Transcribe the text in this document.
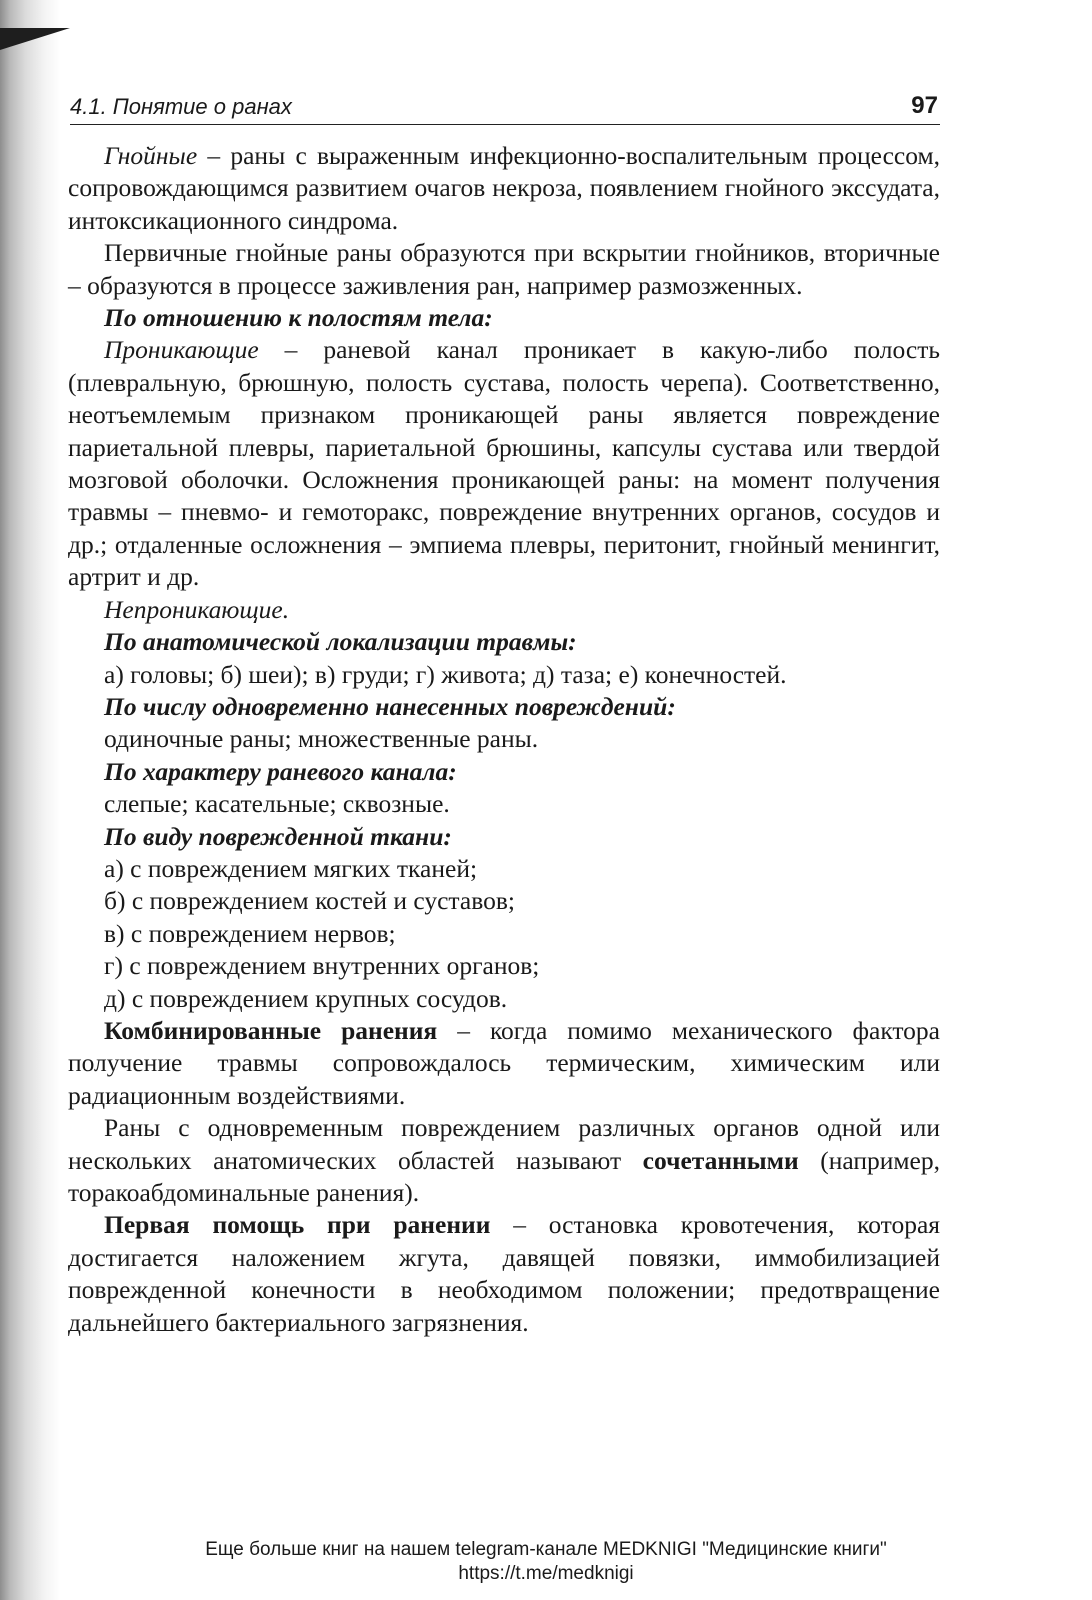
4.1. Понятие о ранах	97

Гнойные – раны с выраженным инфекционно-воспалительным процессом, сопровождающимся развитием очагов некроза, появлением гнойного экссудата, интоксикационного синдрома.

Первичные гнойные раны образуются при вскрытии гнойников, вторичные – образуются в процессе заживления ран, например размозженных.

По отношению к полостям тела:

Проникающие – раневой канал проникает в какую-либо полость (плевральную, брюшную, полость сустава, полость черепа). Соответственно, неотъемлемым признаком проникающей раны является повреждение париетальной плевры, париетальной брюшины, капсулы сустава или твердой мозговой оболочки. Осложнения проникающей раны: на момент получения травмы – пневмо- и гемоторакс, повреждение внутренних органов, сосудов и др.; отдаленные осложнения – эмпиема плевры, перитонит, гнойный менингит, артрит и др.

Непроникающие.

По анатомической локализации травмы:

а) головы; б) шеи); в) груди; г) живота; д) таза; е) конечностей.

По числу одновременно нанесенных повреждений:

одиночные раны; множественные раны.

По характеру раневого канала:

слепые; касательные; сквозные.

По виду поврежденной ткани:

а) с повреждением мягких тканей;

б) с повреждением костей и суставов;

в) с повреждением нервов;

г) с повреждением внутренних органов;

д) с повреждением крупных сосудов.

Комбинированные ранения – когда помимо механического фактора получение травмы сопровождалось термическим, химическим или радиационным воздействиями.

Раны с одновременным повреждением различных органов одной или нескольких анатомических областей называют сочетанными (например, торакоабдоминальные ранения).

Первая помощь при ранении – остановка кровотечения, которая достигается наложением жгута, давящей повязки, иммобилизацией поврежденной конечности в необходимом положении; предотвращение дальнейшего бактериального загрязнения.

Еще больше книг на нашем telegram-канале MEDKNIGI "Медицинские книги"
https://t.me/medknigi
